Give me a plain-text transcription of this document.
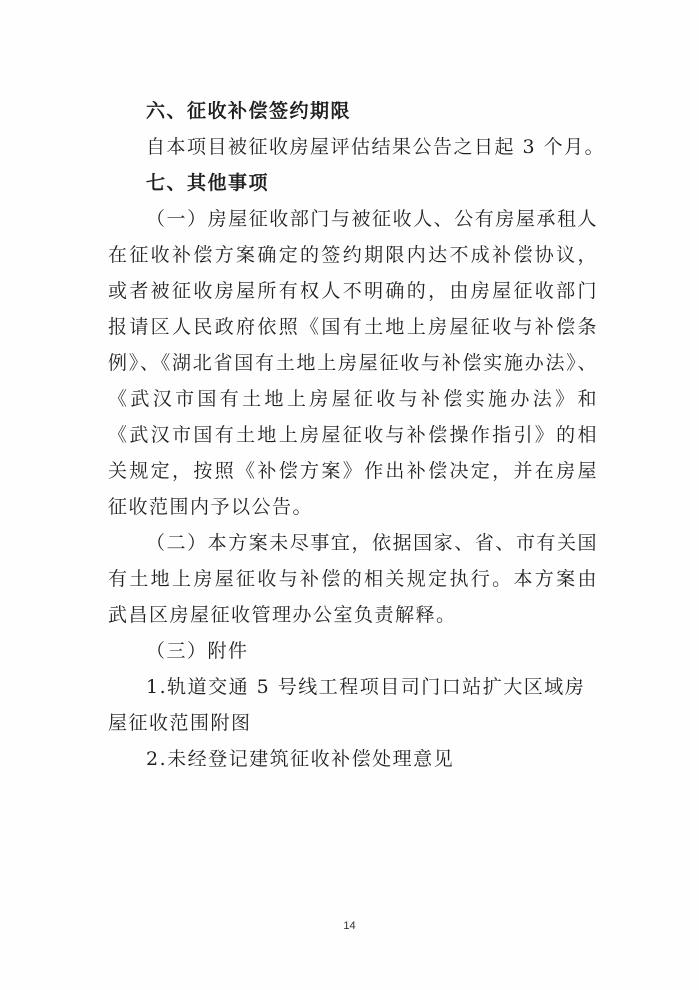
六、征收补偿签约期限

自本项目被征收房屋评估结果公告之日起 3 个月。

七、其他事项

（一）房屋征收部门与被征收人、公有房屋承租人在征收补偿方案确定的签约期限内达不成补偿协议，或者被征收房屋所有权人不明确的，由房屋征收部门报请区人民政府依照《国有土地上房屋征收与补偿条例》、《湖北省国有土地上房屋征收与补偿实施办法》、《武汉市国有土地上房屋征收与补偿实施办法》和《武汉市国有土地上房屋征收与补偿操作指引》的相关规定，按照《补偿方案》作出补偿决定，并在房屋征收范围内予以公告。

（二）本方案未尽事宜，依据国家、省、市有关国有土地上房屋征收与补偿的相关规定执行。本方案由武昌区房屋征收管理办公室负责解释。

（三）附件

1.轨道交通 5 号线工程项目司门口站扩大区域房屋征收范围附图

2.未经登记建筑征收补偿处理意见

14
